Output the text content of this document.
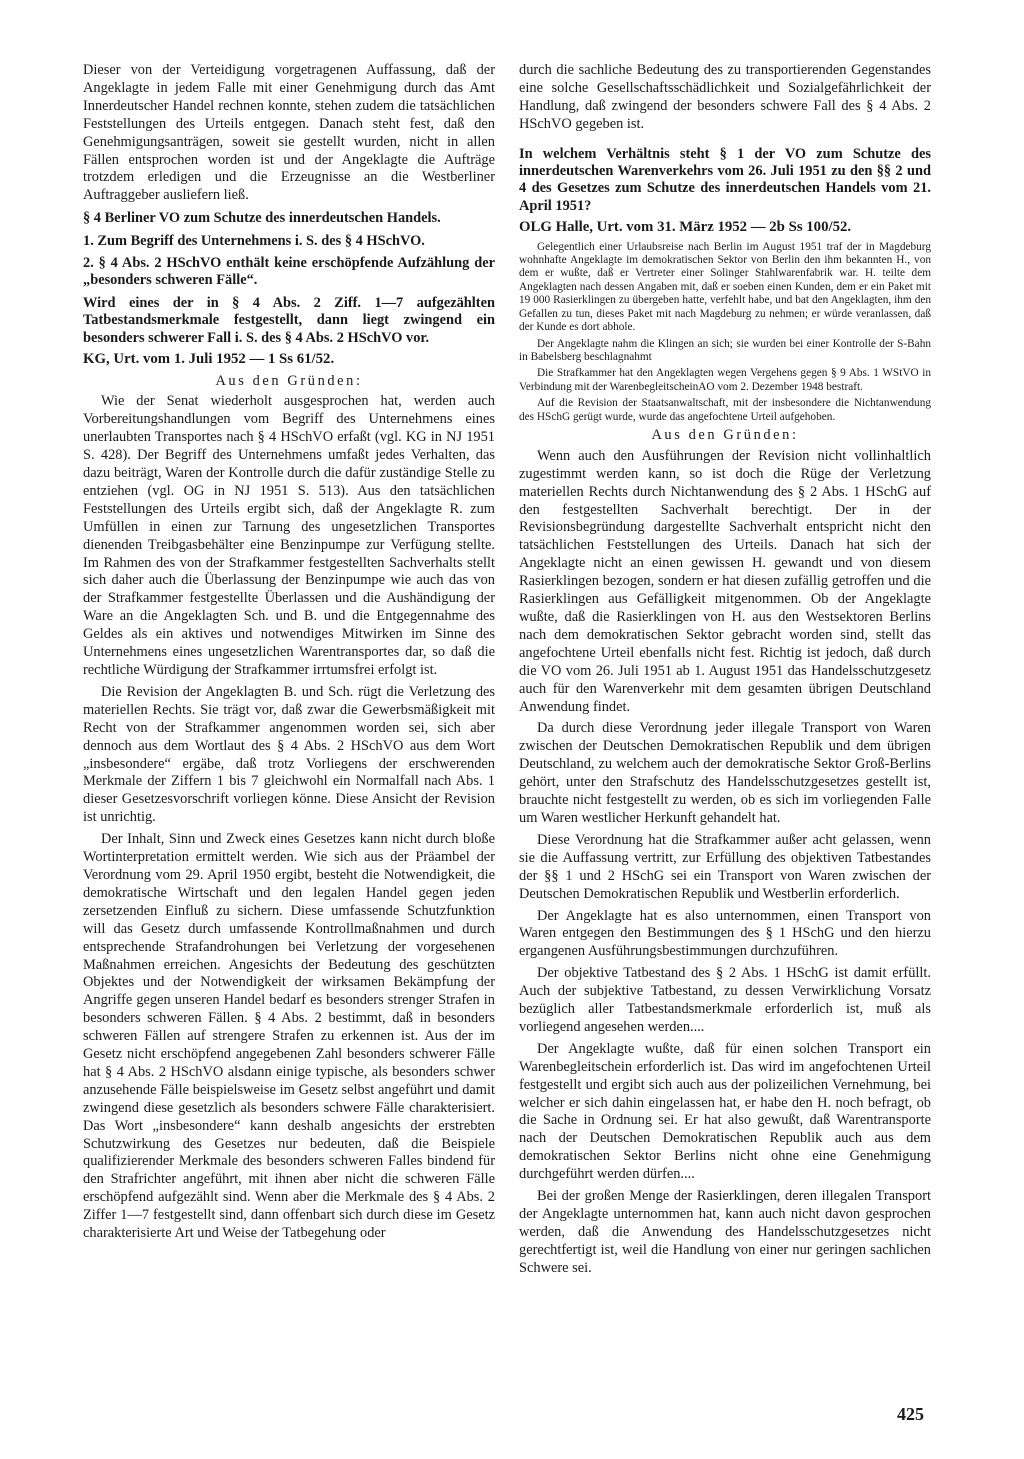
Dieser von der Verteidigung vorgetragenen Auffassung, daß der Angeklagte in jedem Falle mit einer Genehmigung durch das Amt Innerdeutscher Handel rechnen konnte, stehen zudem die tatsächlichen Feststellungen des Urteils entgegen. Danach steht fest, daß den Genehmigungsanträgen, soweit sie gestellt wurden, nicht in allen Fällen entsprochen worden ist und der Angeklagte die Aufträge trotzdem erledigen und die Erzeugnisse an die Westberliner Auftraggeber ausliefern ließ.

§ 4 Berliner VO zum Schutze des innerdeutschen Handels.
1. Zum Begriff des Unternehmens i. S. des § 4 HSchVO.
2. § 4 Abs. 2 HSchVO enthält keine erschöpfende Aufzählung der „besonders schweren Fälle“.
Wird eines der in § 4 Abs. 2 Ziff. 1—7 aufgezählten Tatbestandsmerkmale festgestellt, dann liegt zwingend ein besonders schwerer Fall i. S. des § 4 Abs. 2 HSchVO vor.
KG, Urt. vom 1. Juli 1952 — 1 Ss 61/52.
Aus den Gründen:

Wie der Senat wiederholt ausgesprochen hat, werden auch Vorbereitungshandlungen vom Begriff des Unternehmens eines unerlaubten Transportes nach § 4 HSchVO erfaßt (vgl. KG in NJ 1951 S. 428). Der Begriff des Unternehmens umfaßt jedes Verhalten, das dazu beiträgt, Waren der Kontrolle durch die dafür zuständige Stelle zu entziehen (vgl. OG in NJ 1951 S. 513). Aus den tatsächlichen Feststellungen des Urteils ergibt sich, daß der Angeklagte R. zum Umfüllen in einen zur Tarnung des ungesetzlichen Transportes dienenden Treibgasbehälter eine Benzinpumpe zur Verfügung stellte. Im Rahmen des von der Strafkammer festgestellten Sachverhalts stellt sich daher auch die Überlassung der Benzinpumpe wie auch das von der Strafkammer festgestellte Überlassen und die Aushändigung der Ware an die Angeklagten Sch. und B. und die Entgegennahme des Geldes als ein aktives und notwendiges Mitwirken im Sinne des Unternehmens eines ungesetzlichen Warentransportes dar, so daß die rechtliche Würdigung der Strafkammer irrtumsfrei erfolgt ist.

Die Revision der Angeklagten B. und Sch. rügt die Verletzung des materiellen Rechts. Sie trägt vor, daß zwar die Gewerbsmäßigkeit mit Recht von der Strafkammer angenommen worden sei, sich aber dennoch aus dem Wortlaut des § 4 Abs. 2 HSchVO aus dem Wort „insbesondere“ ergäbe, daß trotz Vorliegens der erschwerenden Merkmale der Ziffern 1 bis 7 gleichwohl ein Normalfall nach Abs. 1 dieser Gesetzesvorschrift vorliegen könne. Diese Ansicht der Revision ist unrichtig.

Der Inhalt, Sinn und Zweck eines Gesetzes kann nicht durch bloße Wortinterpretation ermittelt werden. Wie sich aus der Präambel der Verordnung vom 29. April 1950 ergibt, besteht die Notwendigkeit, die demokratische Wirtschaft und den legalen Handel gegen jeden zersetzenden Einfluß zu sichern. Diese umfassende Schutzfunktion will das Gesetz durch umfassende Kontrollmaßnahmen und durch entsprechende Strafandrohungen bei Verletzung der vorgesehenen Maßnahmen erreichen. Angesichts der Bedeutung des geschützten Objektes und der Notwendigkeit der wirksamen Bekämpfung der Angriffe gegen unseren Handel bedarf es besonders strenger Strafen in besonders schweren Fällen. § 4 Abs. 2 bestimmt, daß in besonders schweren Fällen auf strengere Strafen zu erkennen ist. Aus der im Gesetz nicht erschöpfend angegebenen Zahl besonders schwerer Fälle hat § 4 Abs. 2 HSchVO alsdann einige typische, als besonders schwer anzusehende Fälle beispielsweise im Gesetz selbst angeführt und damit zwingend diese gesetzlich als besonders schwere Fälle charakterisiert. Das Wort „insbesondere“ kann deshalb angesichts der erstrebten Schutzwirkung des Gesetzes nur bedeuten, daß die Beispiele qualifizierender Merkmale des besonders schweren Falles bindend für den Strafrichter angeführt, mit ihnen aber nicht die schweren Fälle erschöpfend aufgezählt sind. Wenn aber die Merkmale des § 4 Abs. 2 Ziffer 1—7 festgestellt sind, dann offenbart sich durch diese im Gesetz charakterisierte Art und Weise der Tatbegehung oder

durch die sachliche Bedeutung des zu transportierenden Gegenstandes eine solche Gesellschaftsschädlichkeit und Sozialgefährlichkeit der Handlung, daß zwingend der besonders schwere Fall des § 4 Abs. 2 HSchVO gegeben ist.

In welchem Verhältnis steht § 1 der VO zum Schutze des innerdeutschen Warenverkehrs vom 26. Juli 1951 zu den §§ 2 und 4 des Gesetzes zum Schutze des innerdeutschen Handels vom 21. April 1951?
OLG Halle, Urt. vom 31. März 1952 — 2b Ss 100/52.

Gelegentlich einer Urlaubsreise nach Berlin im August 1951 traf der in Magdeburg wohnhafte Angeklagte im demokratischen Sektor von Berlin den ihm bekannten H., von dem er wußte, daß er Vertreter einer Solinger Stahlwarenfabrik war. H. teilte dem Angeklagten nach dessen Angaben mit, daß er soeben einen Kunden, dem er ein Paket mit 19 000 Rasierklingen zu übergeben hatte, verfehlt habe, und bat den Angeklagten, ihm den Gefallen zu tun, dieses Paket mit nach Magdeburg zu nehmen; er würde veranlassen, daß der Kunde es dort abhole.

Der Angeklagte nahm die Klingen an sich; sie wurden bei einer Kontrolle der S-Bahn in Babelsberg beschlagnahmt

Die Strafkammer hat den Angeklagten wegen Vergehens gegen § 9 Abs. 1 WStVO in Verbindung mit der WarenbegleitscheinAO vom 2. Dezember 1948 bestraft.

Auf die Revision der Staatsanwaltschaft, mit der insbesondere die Nichtanwendung des HSchG gerügt wurde, wurde das angefochtene Urteil aufgehoben.

Aus den Gründen:

Wenn auch den Ausführungen der Revision nicht vollinhaltlich zugestimmt werden kann, so ist doch die Rüge der Verletzung materiellen Rechts durch Nichtanwendung des § 2 Abs. 1 HSchG auf den festgestellten Sachverhalt berechtigt. Der in der Revisionsbegründung dargestellte Sachverhalt entspricht nicht den tatsächlichen Feststellungen des Urteils. Danach hat sich der Angeklagte nicht an einen gewissen H. gewandt und von diesem Rasierklingen bezogen, sondern er hat diesen zufällig getroffen und die Rasierklingen aus Gefälligkeit mitgenommen. Ob der Angeklagte wußte, daß die Rasierklingen von H. aus den Westsektoren Berlins nach dem demokratischen Sektor gebracht worden sind, stellt das angefochtene Urteil ebenfalls nicht fest. Richtig ist jedoch, daß durch die VO vom 26. Juli 1951 ab 1. August 1951 das Handelsschutzgesetz auch für den Warenverkehr mit dem gesamten übrigen Deutschland Anwendung findet.

Da durch diese Verordnung jeder illegale Transport von Waren zwischen der Deutschen Demokratischen Republik und dem übrigen Deutschland, zu welchem auch der demokratische Sektor Groß-Berlins gehört, unter den Strafschutz des Handelsschutzgesetzes gestellt ist, brauchte nicht festgestellt zu werden, ob es sich im vorliegenden Falle um Waren westlicher Herkunft gehandelt hat.

Diese Verordnung hat die Strafkammer außer acht gelassen, wenn sie die Auffassung vertritt, zur Erfüllung des objektiven Tatbestandes der §§ 1 und 2 HSchG sei ein Transport von Waren zwischen der Deutschen Demokratischen Republik und Westberlin erforderlich.

Der Angeklagte hat es also unternommen, einen Transport von Waren entgegen den Bestimmungen des § 1 HSchG und den hierzu ergangenen Ausführungsbestimmungen durchzuführen.

Der objektive Tatbestand des § 2 Abs. 1 HSchG ist damit erfüllt. Auch der subjektive Tatbestand, zu dessen Verwirklichung Vorsatz bezüglich aller Tatbestandsmerkmale erforderlich ist, muß als vorliegend angesehen werden....

Der Angeklagte wußte, daß für einen solchen Transport ein Warenbegleitschein erforderlich ist. Das wird im angefochtenen Urteil festgestellt und ergibt sich auch aus der polizeilichen Vernehmung, bei welcher er sich dahin eingelassen hat, er habe den H. noch befragt, ob die Sache in Ordnung sei. Er hat also gewußt, daß Warentransporte nach der Deutschen Demokratischen Republik auch aus dem demokratischen Sektor Berlins nicht ohne eine Genehmigung durchgeführt werden dürfen....

Bei der großen Menge der Rasierklingen, deren illegalen Transport der Angeklagte unternommen hat, kann auch nicht davon gesprochen werden, daß die Anwendung des Handelsschutzgesetzes nicht gerechtfertigt ist, weil die Handlung von einer nur geringen sachlichen Schwere sei.

425
